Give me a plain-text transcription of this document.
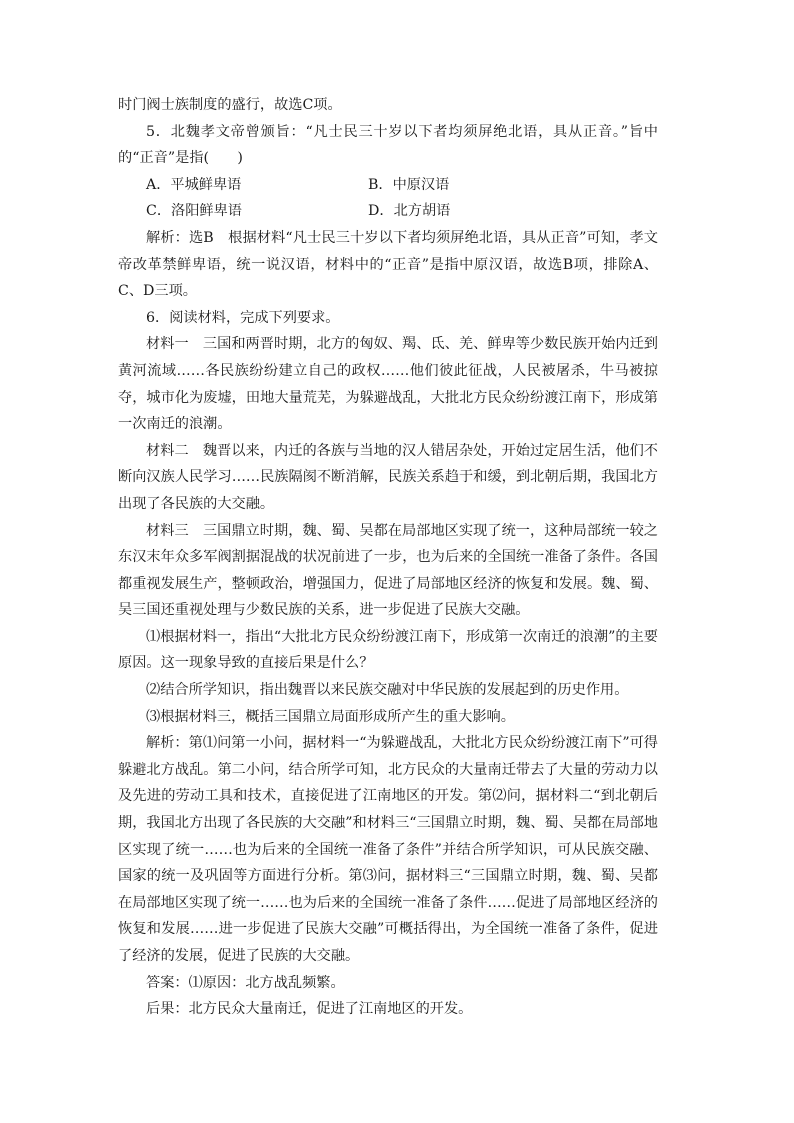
时门阀士族制度的盛行，故选C项。

5．北魏孝文帝曾颁旨：“凡士民三十岁以下者均须屏绝北语，具从正音。”旨中的“正音”是指(　　)

A．平城鲜卑语	B．中原汉语
C．洛阳鲜卑语	D．北方胡语

解析：选B　根据材料“凡士民三十岁以下者均须屏绝北语，具从正音”可知，孝文帝改革禁鲜卑语，统一说汉语，材料中的“正音”是指中原汉语，故选B项，排除A、C、D三项。

6．阅读材料，完成下列要求。

材料一　三国和两晋时期，北方的匈奴、羯、氐、羌、鲜卑等少数民族开始内迁到黄河流域……各民族纷纷建立自己的政权……他们彼此征战，人民被屠杀，牛马被掠夺，城市化为废墟，田地大量荒芜，为躲避战乱，大批北方民众纷纷渡江南下，形成第一次南迁的浪潮。

材料二　魏晋以来，内迁的各族与当地的汉人错居杂处，开始过定居生活，他们不断向汉族人民学习……民族隔阂不断消解，民族关系趋于和缓，到北朝后期，我国北方出现了各民族的大交融。

材料三　三国鼎立时期，魏、蜀、吴都在局部地区实现了统一，这种局部统一较之东汉末年众多军阀割据混战的状况前进了一步，也为后来的全国统一准备了条件。各国都重视发展生产，整顿政治，增强国力，促进了局部地区经济的恢复和发展。魏、蜀、吴三国还重视处理与少数民族的关系，进一步促进了民族大交融。

⑴根据材料一，指出“大批北方民众纷纷渡江南下，形成第一次南迁的浪潮”的主要原因。这一现象导致的直接后果是什么？

⑵结合所学知识，指出魏晋以来民族交融对中华民族的发展起到的历史作用。

⑶根据材料三，概括三国鼎立局面形成所产生的重大影响。

解析：第⑴问第一小问，据材料一“为躲避战乱，大批北方民众纷纷渡江南下”可得躲避北方战乱。第二小问，结合所学可知，北方民众的大量南迁带去了大量的劳动力以及先进的劳动工具和技术，直接促进了江南地区的开发。第⑵问，据材料二“到北朝后期，我国北方出现了各民族的大交融”和材料三“三国鼎立时期，魏、蜀、吴都在局部地区实现了统一……也为后来的全国统一准备了条件”并结合所学知识，可从民族交融、国家的统一及巩固等方面进行分析。第⑶问，据材料三“三国鼎立时期，魏、蜀、吴都在局部地区实现了统一……也为后来的全国统一准备了条件……促进了局部地区经济的恢复和发展……进一步促进了民族大交融”可概括得出，为全国统一准备了条件，促进了经济的发展，促进了民族的大交融。

答案：⑴原因：北方战乱频繁。

后果：北方民众大量南迁，促进了江南地区的开发。
